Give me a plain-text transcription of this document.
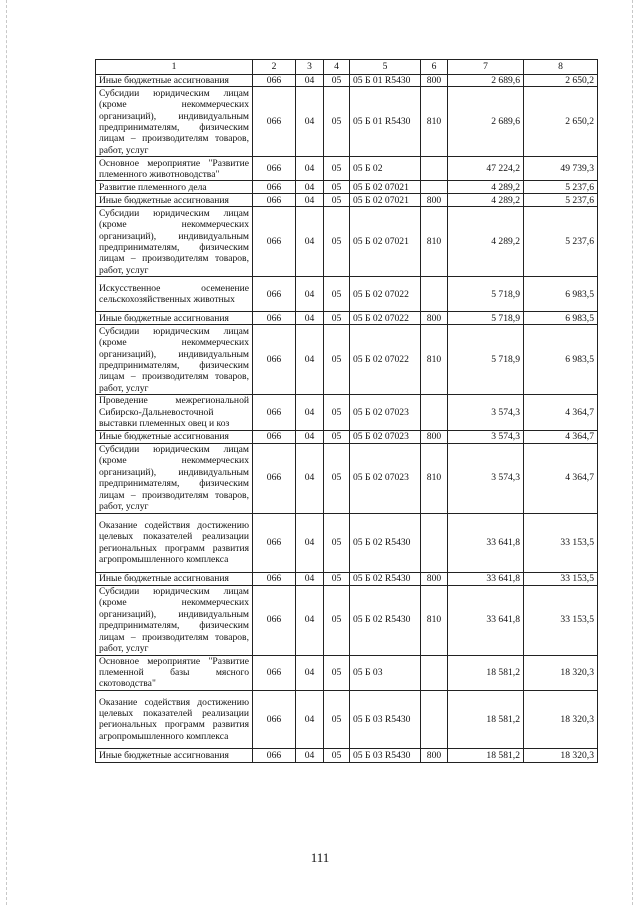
1	2	3	4	5	6	7	8
Иные бюджетные ассигнования	066	04	05	05 Б 01 R5430	800	2 689,6	2 650,2
Субсидии юридическим лицам (кроме некоммерческих организаций), индивидуальным предпринимателям, физическим лицам – производителям товаров, работ, услуг	066	04	05	05 Б 01 R5430	810	2 689,6	2 650,2
Основное мероприятие "Развитие племенного животноводства"	066	04	05	05 Б 02		47 224,2	49 739,3
Развитие племенного дела	066	04	05	05 Б 02 07021		4 289,2	5 237,6
Иные бюджетные ассигнования	066	04	05	05 Б 02 07021	800	4 289,2	5 237,6
Субсидии юридическим лицам (кроме некоммерческих организаций), индивидуальным предпринимателям, физическим лицам – производителям товаров, работ, услуг	066	04	05	05 Б 02 07021	810	4 289,2	5 237,6
Искусственное осеменение сельскохозяйственных животных	066	04	05	05 Б 02 07022		5 718,9	6 983,5
Иные бюджетные ассигнования	066	04	05	05 Б 02 07022	800	5 718,9	6 983,5
Субсидии юридическим лицам (кроме некоммерческих организаций), индивидуальным предпринимателям, физическим лицам – производителям товаров, работ, услуг	066	04	05	05 Б 02 07022	810	5 718,9	6 983,5
Проведение межрегиональной Сибирско-Дальневосточной выставки племенных овец и коз	066	04	05	05 Б 02 07023		3 574,3	4 364,7
Иные бюджетные ассигнования	066	04	05	05 Б 02 07023	800	3 574,3	4 364,7
Субсидии юридическим лицам (кроме некоммерческих организаций), индивидуальным предпринимателям, физическим лицам – производителям товаров, работ, услуг	066	04	05	05 Б 02 07023	810	3 574,3	4 364,7
Оказание содействия достижению целевых показателей реализации региональных программ развития агропромышленного комплекса	066	04	05	05 Б 02 R5430		33 641,8	33 153,5
Иные бюджетные ассигнования	066	04	05	05 Б 02 R5430	800	33 641,8	33 153,5
Субсидии юридическим лицам (кроме некоммерческих организаций), индивидуальным предпринимателям, физическим лицам – производителям товаров, работ, услуг	066	04	05	05 Б 02 R5430	810	33 641,8	33 153,5
Основное мероприятие "Развитие племенной базы мясного скотоводства"	066	04	05	05 Б 03		18 581,2	18 320,3
Оказание содействия достижению целевых показателей реализации региональных программ развития агропромышленного комплекса	066	04	05	05 Б 03 R5430		18 581,2	18 320,3
Иные бюджетные ассигнования	066	04	05	05 Б 03 R5430	800	18 581,2	18 320,3
111
